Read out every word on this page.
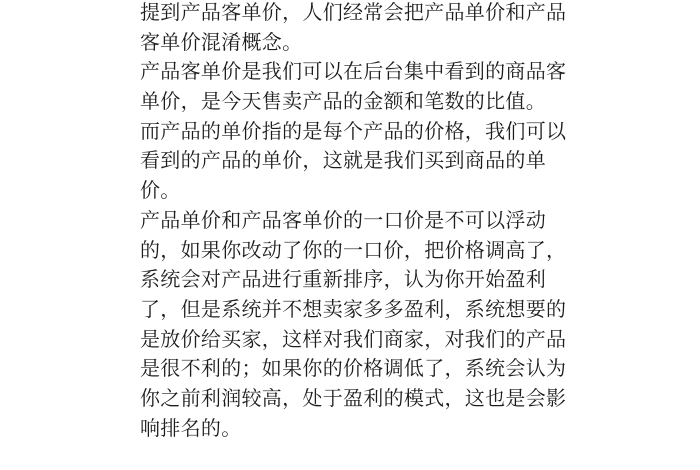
提到产品客单价，人们经常会把产品单价和产品
客单价混淆概念。
产品客单价是我们可以在后台集中看到的商品客
单价，是今天售卖产品的金额和笔数的比值。
而产品的单价指的是每个产品的价格，我们可以
看到的产品的单价，这就是我们买到商品的单
价。
产品单价和产品客单价的一口价是不可以浮动
的，如果你改动了你的一口价，把价格调高了，
系统会对产品进行重新排序，认为你开始盈利
了，但是系统并不想卖家多多盈利，系统想要的
是放价给买家，这样对我们商家，对我们的产品
是很不利的；如果你的价格调低了，系统会认为
你之前利润较高，处于盈利的模式，这也是会影
响排名的。
